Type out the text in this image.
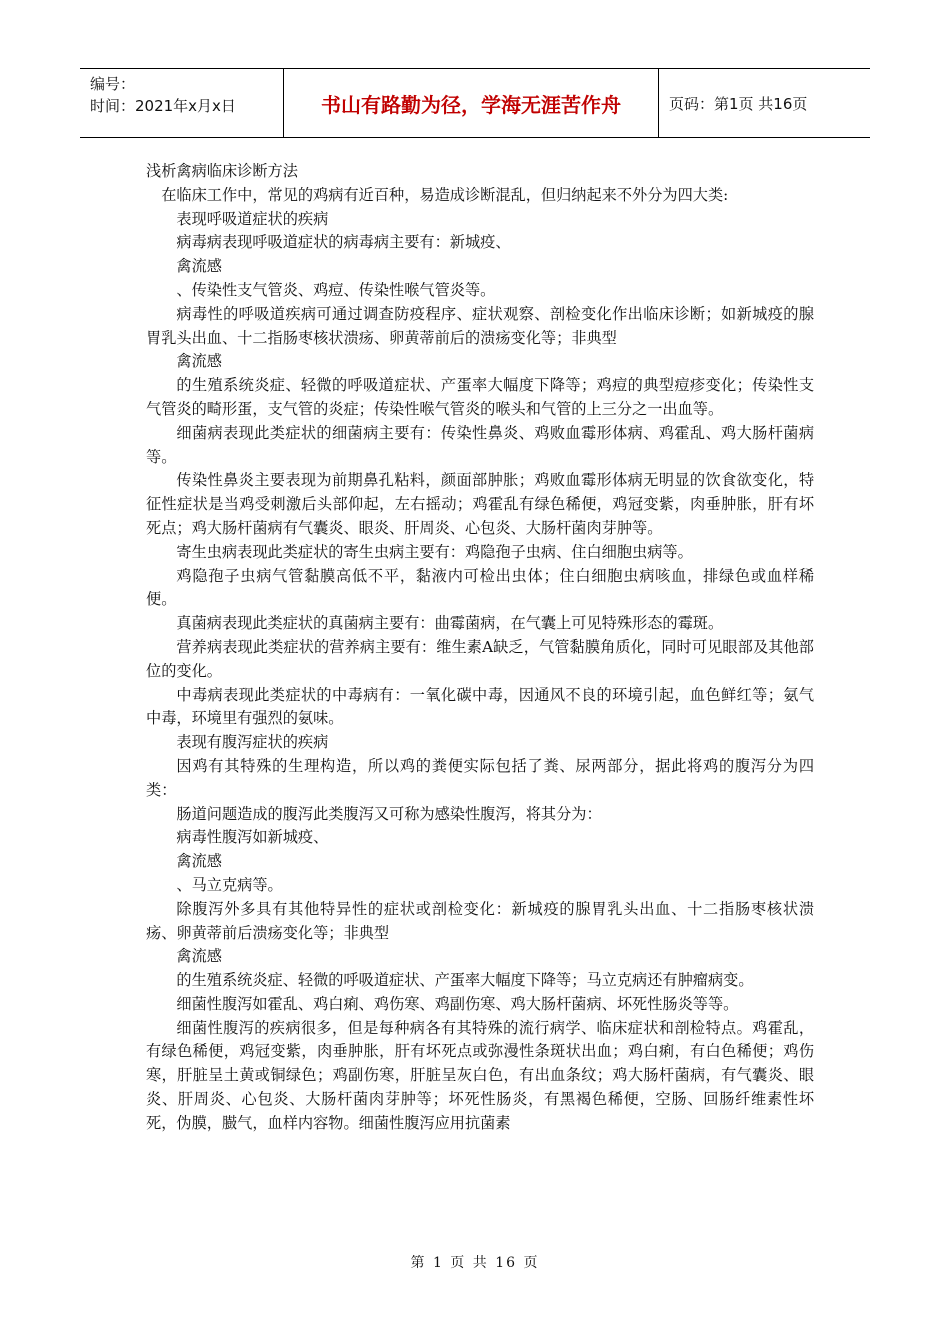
编号：
时间：2021年x月x日	书山有路勤为径，学海无涯苦作舟	页码：第1页 共16页

浅析禽病临床诊断方法

在临床工作中，常见的鸡病有近百种，易造成诊断混乱，但归纳起来不外分为四大类:

表现呼吸道症状的疾病

病毒病表现呼吸道症状的病毒病主要有：新城疫、

禽流感

、传染性支气管炎、鸡痘、传染性喉气管炎等。

病毒性的呼吸道疾病可通过调查防疫程序、症状观察、剖检变化作出临床诊断；如新城疫的腺胃乳头出血、十二指肠枣核状溃疡、卵黄蒂前后的溃疡变化等；非典型

禽流感

的生殖系统炎症、轻微的呼吸道症状、产蛋率大幅度下降等；鸡痘的典型痘疹变化；传染性支气管炎的畸形蛋，支气管的炎症；传染性喉气管炎的喉头和气管的上三分之一出血等。

细菌病表现此类症状的细菌病主要有：传染性鼻炎、鸡败血霉形体病、鸡霍乱、鸡大肠杆菌病等。

传染性鼻炎主要表现为前期鼻孔粘料，颜面部肿胀；鸡败血霉形体病无明显的饮食欲变化，特征性症状是当鸡受刺激后头部仰起，左右摇动；鸡霍乱有绿色稀便，鸡冠变紫，肉垂肿胀，肝有坏死点；鸡大肠杆菌病有气囊炎、眼炎、肝周炎、心包炎、大肠杆菌肉芽肿等。

寄生虫病表现此类症状的寄生虫病主要有：鸡隐孢子虫病、住白细胞虫病等。

鸡隐孢子虫病气管黏膜高低不平，黏液内可检出虫体；住白细胞虫病咳血，排绿色或血样稀便。

真菌病表现此类症状的真菌病主要有：曲霉菌病，在气囊上可见特殊形态的霉斑。

营养病表现此类症状的营养病主要有：维生素A缺乏，气管黏膜角质化，同时可见眼部及其他部位的变化。

中毒病表现此类症状的中毒病有：一氧化碳中毒，因通风不良的环境引起，血色鲜红等；氨气中毒，环境里有强烈的氨味。

表现有腹泻症状的疾病

因鸡有其特殊的生理构造，所以鸡的粪便实际包括了粪、尿两部分，据此将鸡的腹泻分为四类：

肠道问题造成的腹泻此类腹泻又可称为感染性腹泻，将其分为：

病毒性腹泻如新城疫、

禽流感

、马立克病等。

除腹泻外多具有其他特异性的症状或剖检变化：新城疫的腺胃乳头出血、十二指肠枣核状溃疡、卵黄蒂前后溃疡变化等；非典型

禽流感

的生殖系统炎症、轻微的呼吸道症状、产蛋率大幅度下降等；马立克病还有肿瘤病变。

细菌性腹泻如霍乱、鸡白痢、鸡伤寒、鸡副伤寒、鸡大肠杆菌病、坏死性肠炎等等。

细菌性腹泻的疾病很多，但是每种病各有其特殊的流行病学、临床症状和剖检特点。鸡霍乱，有绿色稀便，鸡冠变紫，肉垂肿胀，肝有坏死点或弥漫性条斑状出血；鸡白痢，有白色稀便；鸡伤寒，肝脏呈土黄或铜绿色；鸡副伤寒，肝脏呈灰白色，有出血条纹；鸡大肠杆菌病，有气囊炎、眼炎、肝周炎、心包炎、大肠杆菌肉芽肿等；坏死性肠炎，有黑褐色稀便，空肠、回肠纤维素性坏死，伪膜，臌气，血样内容物。细菌性腹泻应用抗菌素

第 1 页 共 16 页
